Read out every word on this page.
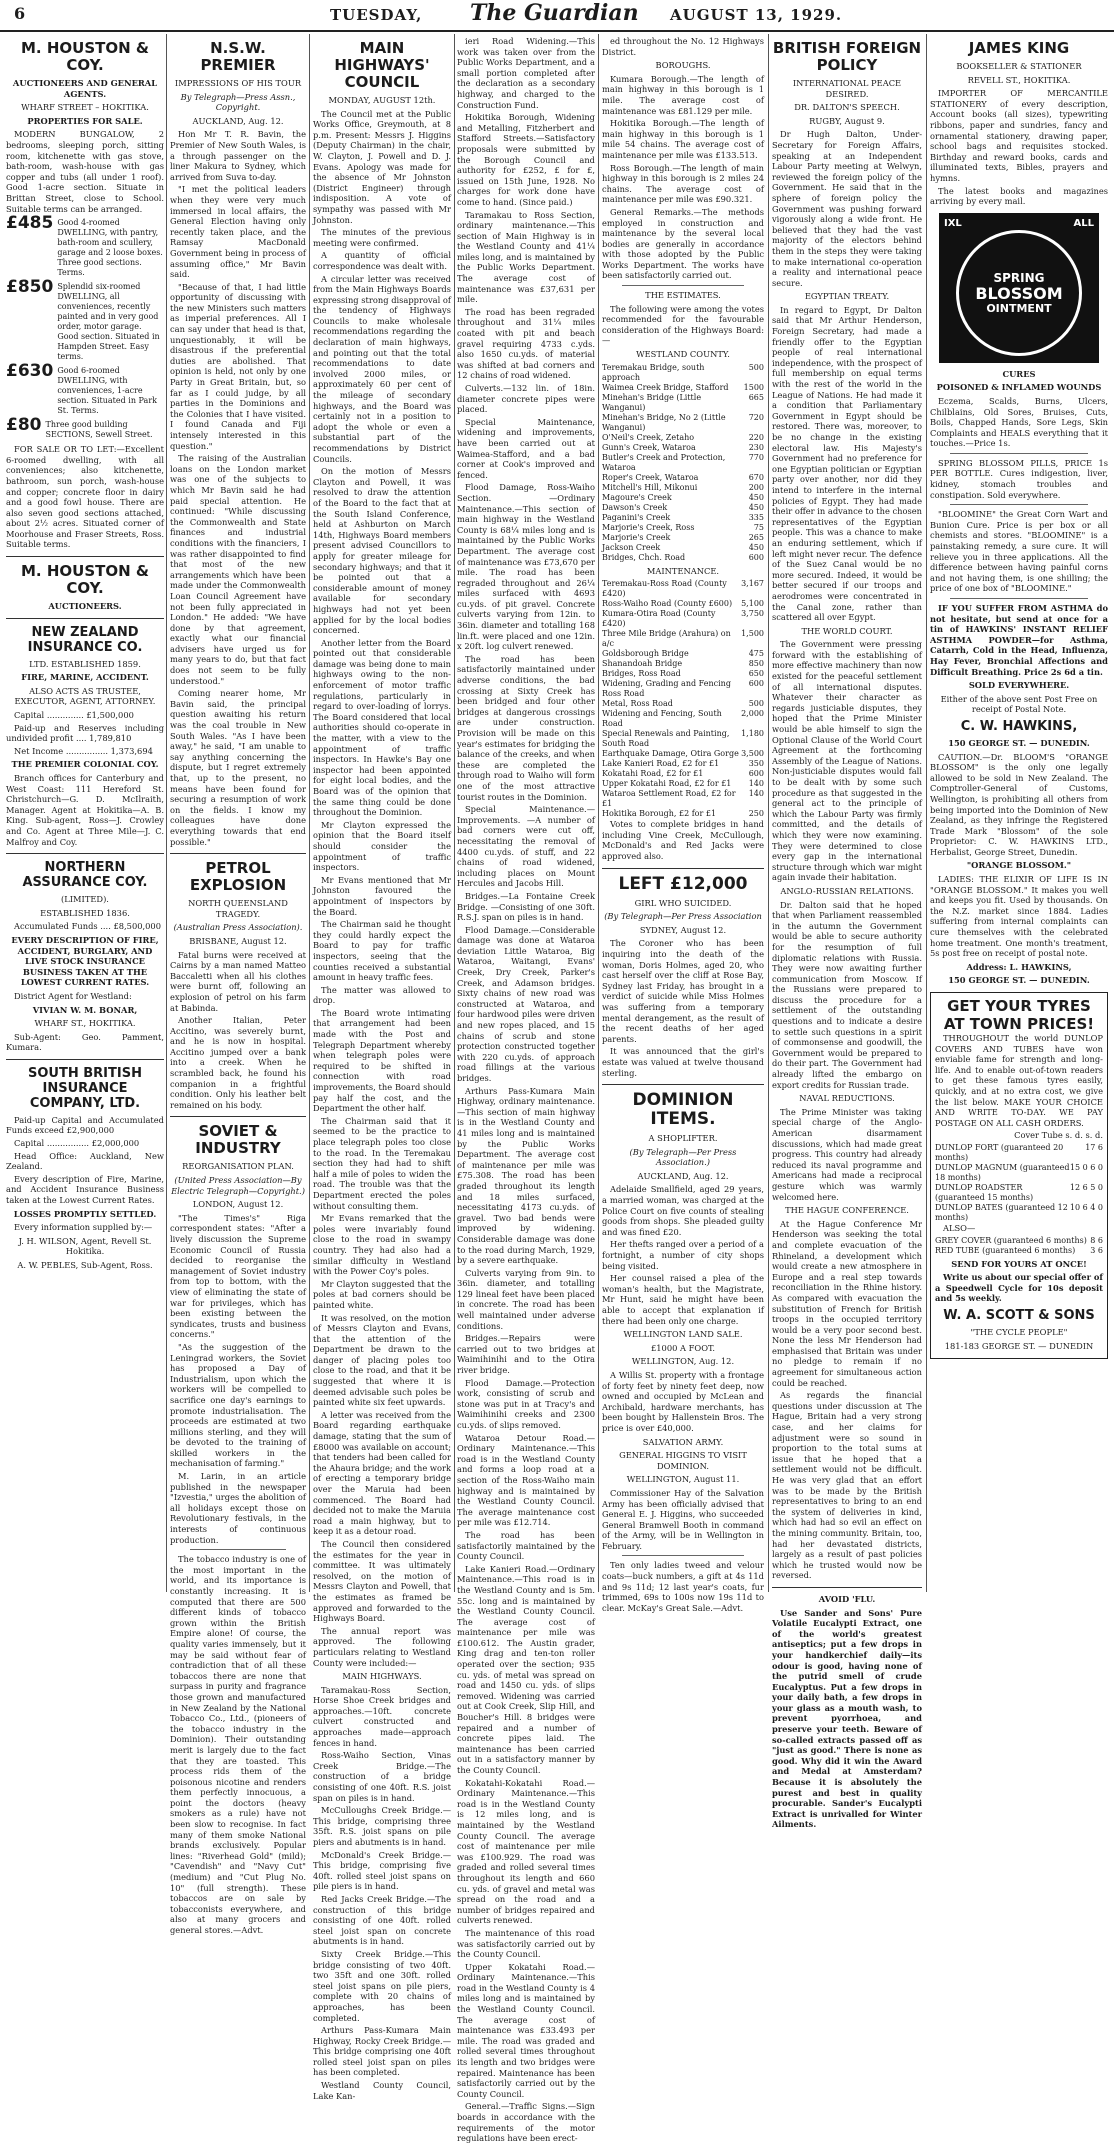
6	TUESDAY, The Guardian AUGUST 13, 1929.
M. HOUSTON & COY.

AUCTIONEERS AND GENERAL AGENTS.

WHARF STREET – HOKITIKA.

PROPERTIES FOR SALE.

MODERN BUNGALOW, 2 bedrooms, sleeping porch, sitting room, kitchenette with gas stove, bath-room, wash-house with gas copper and tubs (all under 1 roof). Good 1-acre section. Situate in Brittan Street, close to School. Suitable terms can be arranged.

£485 Good 4-roomed DWELLING, with pantry, bath-room and scullery, garage and 2 loose boxes. Three good sections. Terms.
£850 Splendid six-roomed DWELLING, all conveniences, recently painted and in very good order, motor garage. Good section. Situated in Hampden Street. Easy terms.
£630 Good 6-roomed DWELLING, with conveniences, 1-acre section. Situated in Park St. Terms.
£80 Three good building SECTIONS, Sewell Street.

FOR SALE OR TO LET:—Excellent 6-roomed dwelling, with all conveniences; also kitchenette, bathroom, sun porch, wash-house and copper; concrete floor in dairy and a good fowl house. There are also seven good sections attached, about 2½ acres. Situated corner of Moorhouse and Fraser Streets, Ross. Suitable terms.

M. HOUSTON & COY.

AUCTIONEERS.

NEW ZEALAND INSURANCE CO.

LTD. ESTABLISHED 1859.

FIRE, MARINE, ACCIDENT.

ALSO ACTS AS TRUSTEE, EXECUTOR, AGENT, ATTORNEY.

Capital .............. £1,500,000

Paid-up and Reserves including undivided profit .... 1,789,810

Net Income ................ 1,373,694

THE PREMIER COLONIAL COY.

Branch offices for Canterbury and West Coast: 111 Hereford St. Christchurch—G. D. McIlraith, Manager. Agent at Hokitika—A. B. King. Sub-agent, Ross—J. Crowley and Co. Agent at Three Mile—J. C. Malfroy and Coy.

NORTHERN ASSURANCE COY.

(LIMITED).

ESTABLISHED 1836.

Accumulated Funds .... £8,500,000

EVERY DESCRIPTION OF FIRE, ACCIDENT, BURGLARY, AND LIVE STOCK INSURANCE BUSINESS TAKEN AT THE LOWEST CURRENT RATES.

District Agent for Westland:

VIVIAN W. M. BONAR,

WHARF ST., HOKITIKA.

Sub-Agent: Geo. Pamment, Kumara.

SOUTH BRITISH INSURANCE COMPANY, LTD.

Paid-up Capital and Accumulated Funds exceed £2,900,000

Capital ................ £2,000,000

Head Office: Auckland, New Zealand.

Every description of Fire, Marine, and Accident Insurance Business taken at the Lowest Current Rates.

LOSSES PROMPTLY SETTLED.

Every information supplied by:—

J. H. WILSON, Agent, Revell St. Hokitika.

A. W. PEBLES, Sub-Agent, Ross.

N.S.W. PREMIER

IMPRESSIONS OF HIS TOUR

By Telegraph—Press Assn., Copyright.

AUCKLAND, Aug. 12.

Hon Mr T. R. Bavin, the Premier of New South Wales, is a through passenger on the liner Makura to Sydney, which arrived from Suva to-day.

"I met the political leaders when they were very much immersed in local affairs, the General Election having only recently taken place, and the Ramsay MacDonald Government being in process of assuming office," Mr Bavin said.

"Because of that, I had little opportunity of discussing with the new Ministers such matters as imperial preferences. All I can say under that head is that, unquestionably, it will be disastrous if the preferential duties are abolished. That opinion is held, not only by one Party in Great Britain, but, so far as I could judge, by all parties in the Dominions and the Colonies that I have visited. I found Canada and Fiji intensely interested in this question."

The raising of the Australian loans on the London market was one of the subjects to which Mr Bavin said he had paid special attention. He continued: "While discussing the Commonwealth and State finances and industrial conditions with the financiers, I was rather disappointed to find that most of the new arrangements which have been made under the Commonwealth Loan Council Agreement have not been fully appreciated in London." He added: "We have done by that agreement, exactly what our financial advisers have urged us for many years to do, but that fact does not seem to be fully understood."

Coming nearer home, Mr Bavin said, the principal question awaiting his return was the coal trouble in New South Wales. "As I have been away," he said, "I am unable to say anything concerning the dispute, but I regret extremely that, up to the present, no means have been found for securing a resumption of work on the fields. I know my colleagues have done everything towards that end possible."

PETROL EXPLOSION

NORTH QUEENSLAND TRAGEDY.

(Australian Press Association).

BRISBANE, August 12.

Fatal burns were received at Cairns by a man named Matteo Baccaletti when all his clothes were burnt off, following an explosion of petrol on his farm at Babinda.

Another Italian, Peter Accitino, was severely burnt, and he is now in hospital. Accitino jumped over a bank into a creek. When he scrambled back, he found his companion in a frightful condition. Only his leather belt remained on his body.

SOVIET & INDUSTRY

REORGANISATION PLAN.

(United Press Association—By Electric Telegraph—Copyright.)

LONDON, August 12.

"The Times's" Riga correspondent states: "After a lively discussion the Supreme Economic Council of Russia decided to reorganise the management of Soviet industry from top to bottom, with the view of eliminating the state of war for privileges, which has been existing between the syndicates, trusts and business concerns."

"As the suggestion of the Leningrad workers, the Soviet has proposed a Day of Industrialism, upon which the workers will be compelled to sacrifice one day's earnings to promote industrialisation. The proceeds are estimated at two millions sterling, and they will be devoted to the training of skilled workers in the mechanisation of farming."

M. Larin, in an article published in the newspaper "Izvestia," urges the abolition of all holidays except those on Revolutionary festivals, in the interests of continuous production.

The tobacco industry is one of the most important in the world, and its importance is constantly increasing. It is computed that there are 500 different kinds of tobacco grown within the British Empire alone! Of course, the quality varies immensely, but it may be said without fear of contradiction that of all these tobaccos there are none that surpass in purity and fragrance those grown and manufactured in New Zealand by the National Tobacco Co., Ltd., (pioneers of the tobacco industry in the Dominion). Their outstanding merit is largely due to the fact that they are toasted. This process rids them of the poisonous nicotine and renders them perfectly innocuous, a point the doctors (heavy smokers as a rule) have not been slow to recognise. In fact many of them smoke National brands exclusively. Popular lines: "Riverhead Gold" (mild); "Cavendish" and "Navy Cut" (medium) and "Cut Plug No. 10" (full strength). These tobaccos are on sale by tobacconists everywhere, and also at many grocers and general stores.—Advt.

MAIN HIGHWAYS' COUNCIL

MONDAY, AUGUST 12th.

The Council met at the Public Works Office, Greymouth, at 8 p.m. Present: Messrs J. Higgins (Deputy Chairman) in the chair, W. Clayton, J. Powell and D. J. Evans. Apology was made for the absence of Mr Johnston (District Engineer) through indisposition. A vote of sympathy was passed with Mr Johnston.

The minutes of the previous meeting were confirmed.

A quantity of official correspondence was dealt with.

A circular letter was received from the Main Highways Boards expressing strong disapproval of the tendency of Highways Councils to make wholesale recommendations regarding the declaration of main highways, and pointing out that the total recommendations to date involved 2000 miles, or approximately 60 per cent of the mileage of secondary highways, and the Board was certainly not in a position to adopt the whole or even a substantial part of the recommendations by District Councils.

On the motion of Messrs Clayton and Powell, it was resolved to draw the attention of the Board to the fact that at the South Island Conference, held at Ashburton on March 14th, Highways Board members present advised Councillors to apply for greater mileage for secondary highways; and that it be pointed out that a considerable amount of money available for secondary highways had not yet been applied for by the local bodies concerned.

Another letter from the Board pointed out that considerable damage was being done to main highways owing to the non-enforcement of motor traffic regulations, particularly in regard to over-loading of lorrys. The Board considered that local authorities should co-operate in the matter, with a view to the appointment of traffic inspectors. In Hawke's Bay one inspector had been appointed for eight local bodies, and the Board was of the opinion that the same thing could be done throughout the Dominion.

Mr Clayton expressed the opinion that the Board itself should consider the appointment of traffic inspectors.

Mr Evans mentioned that Mr Johnston favoured the appointment of inspectors by the Board.

The Chairman said he thought they could hardly expect the Board to pay for traffic inspectors, seeing that the counties received a substantial amount in heavy traffic fees.

The matter was allowed to drop.

The Board wrote intimating that arrangement had been made with the Post and Telegraph Department whereby when telegraph poles were required to be shifted in connection with road improvements, the Board should pay half the cost, and the Department the other half.

The Chairman said that it seemed to be the practice to place telegraph poles too close to the road. In the Teremakau section they had had to shift half a mile of poles to widen the road. The trouble was that the Department erected the poles without consulting them.

Mr Evans remarked that the poles were invariably found close to the road in swampy country. They had also had a similar difficulty in Westland with the Power Coy's poles.

Mr Clayton suggested that the poles at bad corners should be painted white.

It was resolved, on the motion of Messrs Clayton and Evans, that the attention of the Department be drawn to the danger of placing poles too close to the road, and that it be suggested that where it is deemed advisable such poles be painted white six feet upwards.

A letter was received from the Board regarding earthquake damage, stating that the sum of £8000 was available on account; that tenders had been called for the Ahaura bridge; and the work of erecting a temporary bridge over the Maruia had been commenced. The Board had decided not to make the Maruia road a main highway, but to keep it as a detour road.

The Council then considered the estimates for the year in committee. It was ultimately resolved, on the motion of Messrs Clayton and Powell, that the estimates as framed be approved and forwarded to the Highways Board.

The annual report was approved. The following particulars relating to Westland County were included:—

MAIN HIGHWAYS.

Taramakau-Ross Section, Horse Shoe Creek bridges and approaches.—10ft. concrete culvert constructed and approaches made—approach fences in hand.

Ross-Waiho Section, Vinas Creek Bridge.—The construction of a bridge consisting of one 40ft. R.S. joist span on piles is in hand.

McCulloughs Creek Bridge.—This bridge, comprising three 35ft. R.S. joist spans on pile piers and abutments is in hand.

McDonald's Creek Bridge.—This bridge, comprising five 40ft. rolled steel joist spans on pile piers is in hand.

Red Jacks Creek Bridge.—The construction of this bridge consisting of one 40ft. rolled steel joist span on concrete abutments is in hand.

Sixty Creek Bridge.—This bridge consisting of two 40ft. two 35ft and one 30ft. rolled steel joist spans on pile piers, complete with 20 chains of approaches, has been completed.

Arthurs Pass-Kumara Main Highway, Rocky Creek Bridge.—This bridge comprising one 40ft rolled steel joist span on piles has been completed.

Westland County Council, Lake Kan-

ieri Road Widening.—This work was taken over from the Public Works Department, and a small portion completed after the declaration as a secondary highway, and charged to the Construction Fund.

Hokitika Borough, Widening and Metalling, Fitzherbert and Stafford Streets.—Satisfactory proposals were submitted by the Borough Council and authority for £252, £ for £, issued on 15th June, 1928. No charges for work done have come to hand. (Since paid.)

Taramakau to Ross Section, ordinary maintenance.—This section of Main Highway is in the Westland County and 41¼ miles long, and is maintained by the Public Works Department. The average cost of maintenance was £37,631 per mile.

The road has been regraded throughout and 31¼ miles coated with pit and beach gravel requiring 4733 c.yds. also 1650 cu.yds. of material was shifted at bad corners and 12 chains of road widened.

Culverts.—132 lin. of 18in. diameter concrete pipes were placed.

Special Maintenance, widening and improvements, have been carried out at Waimea-Stafford, and a bad corner at Cook's improved and fenced.

Flood Damage, Ross-Waiho Section. —Ordinary Maintenance.—This section of main highway in the Westland County is 68¼ miles long and is maintained by the Public Works Department. The average cost of maintenance was £73,670 per mile. The road has been regraded throughout and 26¼ miles surfaced with 4693 cu.yds. of pit gravel. Concrete culverts varying from 12in. to 36in. diameter and totalling 168 lin.ft. were placed and one 12in. x 20ft. log culvert renewed.

The road has been satisfactorily maintained under adverse conditions, the bad crossing at Sixty Creek has been bridged and four other bridges at dangerous crossings are under construction. Provision will be made on this year's estimates for bridging the balance of the creeks, and when these are completed the through road to Waiho will form one of the most attractive tourist routes in the Dominion.

Special Maintenance.—Improvements. —A number of bad corners were cut off, necessitating the removal of 4400 cu.yds. of stuff, and 22 chains of road widened, including places on Mount Hercules and Jacobs Hill.

Bridges.—La Fontaine Creek Bridge. —Consisting of one 30ft. R.S.J. span on piles is in hand.

Flood Damage.—Considerable damage was done at Wataroa deviation Little Wataroa, Big Wataroa, Waitangi, Evans' Creek, Dry Creek, Parker's Creek, and Adamson bridges. Sixty chains of new road was constructed at Wataroa, and four hardwood piles were driven and new ropes placed, and 15 chains of scrub and stone protection constructed together with 220 cu.yds. of approach road fillings at the various bridges.

Arthurs Pass-Kumara Main Highway, ordinary maintenance.—This section of main highway is in the Westland County and 41 miles long and is maintained by the Public Works Department. The average cost of maintenance per mile was £75.308. The road has been graded throughout its length and 18 miles surfaced, necessitating 4173 cu.yds. of gravel. Two bad bends were improved by widening. Considerable damage was done to the road during March, 1929, by a severe earthquake.

Culverts varying from 9in. to 36in. diameter, and totalling 129 lineal feet have been placed in concrete. The road has been well maintained under adverse conditions.

Bridges.—Repairs were carried out to two bridges at Waimihinihi and to the Otira river bridge.

Flood Damage.—Protection work, consisting of scrub and stone was put in at Tracy's and Waimihinihi creeks and 2300 cu.yds. of slips removed.

Wataroa Detour Road.—Ordinary Maintenance.—This road is in the Westland County and forms a loop road at a section of the Ross-Waiho main highway and is maintained by the Westland County Council. The average maintenance cost per mile was £12.714.

The road has been satisfactorily maintained by the County Council.

Lake Kanieri Road.—Ordinary Maintenance.—This road is in the Westland County and is 5m. 55c. long and is maintained by the Westland County Council. The average cost of maintenance per mile was £100.612. The Austin grader, King drag and ten-ton roller operated over the section; 935 cu. yds. of metal was spread on road and 1450 cu. yds. of slips removed. Widening was carried out at Cook Creek, Slip Hill, and Boucher's Hill. 8 bridges were repaired and a number of concrete pipes laid. The maintenance has been carried out in a satisfactory manner by the County Council.

Kokatahi-Kokatahi Road.—Ordinary Maintenance.—This road is in the Westland County is 12 miles long, and is maintained by the Westland County Council. The average cost of maintenance per mile was £100.929. The road was graded and rolled several times throughout its length and 660 cu. yds. of gravel and metal was spread on the road and a number of bridges repaired and culverts renewed.

The maintenance of this road was satisfactorily carried out by the County Council.

Upper Kokatahi Road.—Ordinary Maintenance.—This road in the Westland County is 4 miles long and is maintained by the Westland County Council. The average cost of maintenance was £33.493 per mile. The road was graded and rolled several times throughout its length and two bridges were repaired. Maintenance has been satisfactorily carried out by the County Council.

General.—Traffic Signs.—Sign boards in accordance with the requirements of the motor regulations have been erect-

ed throughout the No. 12 Highways District.

BOROUGHS.

Kumara Borough.—The length of main highway in this borough is 1 mile. The average cost of maintenance was £81.129 per mile.

Hokitika Borough.—The length of main highway in this borough is 1 mile 54 chains. The average cost of maintenance per mile was £133.513.

Ross Borough.—The length of main highway in this borough is 2 miles 24 chains. The average cost of maintenance per mile was £90.321.

General Remarks.—The methods employed in construction and maintenance by the several local bodies are generally in accordance with those adopted by the Public Works Department. The works have been satisfactorily carried out.

THE ESTIMATES.

The following were among the votes recommended for the favourable consideration of the Highways Board:—

WESTLAND COUNTY.

Teremakau Bridge, south approach	500
Waimea Creek Bridge, Stafford	1500
Minehan's Bridge (Little Wanganui)	665
Minehan's Bridge, No 2 (Little Wanganui)	720
O'Neil's Creek, Zetaho	220
Gunn's Creek, Wataroa	230
Butler's Creek and Protection, Wataroa	770
Roper's Creek, Wataroa	670
Mitchell's Hill, Mikonui	200
Magoure's Creek	450
Dawson's Creek	450
Paganini's Creek	335
Marjorie's Creek, Ross	75
Marjorie's Creek	265
Jackson Creek	450
Bridges, Chch. Road	600

MAINTENANCE.

Teremakau-Ross Road (County £420)	3,167
Ross-Waiho Road (County £600)	5,100
Kumara-Otira Road (County £420)	3,750
Three Mile Bridge (Arahura) on a/c	1,500
Goldsborough Bridge	475
Shanandoah Bridge	850
Bridges, Ross Road	650
Widening, Grading and Fencing Ross Road	600
Metal, Ross Road	500
Widening and Fencing, South Road	2,000
Special Renewals and Painting, South Road	1,180
Earthquake Damage, Otira Gorge	3,500
Lake Kanieri Road, £2 for £1	350
Kokatahi Road, £2 for £1	600
Upper Kokatahi Road, £2 for £1	140
Wataroa Settlement Road, £2 for £1	140
Hokitika Borough, £2 for £1	250

Votes to complete bridges in hand including Vine Creek, McCullough, McDonald's and Red Jacks were approved also.

LEFT £12,000

GIRL WHO SUICIDED.

(By Telegraph—Per Press Association

SYDNEY, August 12.

The Coroner who has been inquiring into the death of the woman, Doris Holmes, aged 20, who cast herself over the cliff at Rose Bay, Sydney last Friday, has brought in a verdict of suicide while Miss Holmes was suffering from a temporary mental derangement, as the result of the recent deaths of her aged parents.

It was announced that the girl's estate was valued at twelve thousand sterling.

DOMINION ITEMS.

A SHOPLIFTER.

(By Telegraph—Per Press Association.)

AUCKLAND, Aug. 12.

Adelaide Smallfield, aged 29 years, a married woman, was charged at the Police Court on five counts of stealing goods from shops. She pleaded guilty and was fined £20.

Her thefts ranged over a period of a fortnight, a number of city shops being visited.

Her counsel raised a plea of the woman's health, but the Magistrate, Mr Hunt, said he might have been able to accept that explanation if there had been only one charge.

WELLINGTON LAND SALE.

£1000 A FOOT.

WELLINGTON, Aug. 12.

A Willis St. property with a frontage of forty feet by ninety feet deep, now owned and occupied by McLean and Archibald, hardware merchants, has been bought by Hallenstein Bros. The price is over £40,000.

SALVATION ARMY.

GENERAL HIGGINS TO VISIT DOMINION.

WELLINGTON, August 11.

Commissioner Hay of the Salvation Army has been officially advised that General E. J. Higgins, who succeeded General Bramwell Booth in command of the Army, will be in Wellington in February.

Ten only ladies tweed and velour coats—buck numbers, a gift at 4s 11d and 9s 11d; 12 last year's coats, fur trimmed, 69s to 100s now 19s 11d to clear. McKay's Great Sale.—Advt.

BRITISH FOREIGN POLICY

INTERNATIONAL PEACE DESIRED.

DR. DALTON'S SPEECH.

RUGBY, August 9.

Dr Hugh Dalton, Under-Secretary for Foreign Affairs, speaking at an Independent Labour Party meeting at Welwyn, reviewed the foreign policy of the Government. He said that in the sphere of foreign policy the Government was pushing forward vigorously along a wide front. He believed that they had the vast majority of the electors behind them in the steps they were taking to make international co-operation a reality and international peace secure.

EGYPTIAN TREATY.

In regard to Egypt, Dr Dalton said that Mr Arthur Henderson, Foreign Secretary, had made a friendly offer to the Egyptian people of real international independence, with the prospect of full membership on equal terms with the rest of the world in the League of Nations. He had made it a condition that Parliamentary Government in Egypt should be restored. There was, moreover, to be no change in the existing electoral law. His Majesty's Government had no preference for one Egyptian politician or Egyptian party over another, nor did they intend to interfere in the internal policies of Egypt. They had made their offer in advance to the chosen representatives of the Egyptian people. This was a chance to make an enduring settlement, which if left might never recur. The defence of the Suez Canal would be no more secured. Indeed, it would be better secured if our troops and aerodromes were concentrated in the Canal zone, rather than scattered all over Egypt.

THE WORLD COURT.

The Government were pressing forward with the establishing of more effective machinery than now existed for the peaceful settlement of all international disputes. Whatever their character as regards justiciable disputes, they hoped that the Prime Minister would be able himself to sign the Optional Clause of the World Court Agreement at the forthcoming Assembly of the League of Nations. Non-justiciable disputes would fall to be dealt with by some such procedure as that suggested in the general act to the principle of which the Labour Party was firmly committed, and the details of which they were now examining. They were determined to close every gap in the international structure through which war might again invade their habitation.

ANGLO-RUSSIAN RELATIONS.

Dr. Dalton said that he hoped that when Parliament reassembled in the autumn the Government would be able to secure authority for the resumption of full diplomatic relations with Russia. They were now awaiting further communication from Moscow. If the Russians were prepared to discuss the procedure for a settlement of the outstanding questions and to indicate a desire to settle such questions in a spirit of commonsense and goodwill, the Government would be prepared to do their part. The Government had already lifted the embargo on export credits for Russian trade.

NAVAL REDUCTIONS.

The Prime Minister was taking special charge of the Anglo-American disarmament discussions, which had made great progress. This country had already reduced its naval programme and Americans had made a reciprocal gesture which was warmly welcomed here.

THE HAGUE CONFERENCE.

At the Hague Conference Mr Henderson was seeking the total and complete evacuation of the Rhineland, a development which would create a new atmosphere in Europe and a real step towards reconciliation in the Rhine history. As compared with evacuation the substitution of French for British troops in the occupied territory would be a very poor second best. None the less Mr Henderson had emphasised that Britain was under no pledge to remain if no agreement for simultaneous action could be reached.

As regards the financial questions under discussion at The Hague, Britain had a very strong case, and her claims for adjustment were so sound in proportion to the total sums at issue that he hoped that a settlement would not be difficult. He was very glad that an effort was to be made by the British representatives to bring to an end the system of deliveries in kind, which had had so evil an effect on the mining community. Britain, too, had her devastated districts, largely as a result of past policies which he trusted would now be reversed.

AVOID 'FLU.

Use Sander and Sons' Pure Volatile Eucalypti Extract, one of the world's greatest antiseptics; put a few drops in your handkerchief daily—its odour is good, having none of the putrid smell of crude Eucalyptus. Put a few drops in your daily bath, a few drops in your glass as a mouth wash, to prevent pyorrhoea, and preserve your teeth. Beware of so-called extracts passed off as "just as good." There is none as good. Why did it win the Award and Medal at Amsterdam? Because it is absolutely the purest and best in quality procurable. Sander's Eucalypti Extract is unrivalled for Winter Ailments.

JAMES KING

BOOKSELLER & STATIONER

REVELL ST., HOKITIKA.

IMPORTER OF MERCANTILE STATIONERY of every description, Account books (all sizes), typewriting ribbons, paper and sundries, fancy and ornamental stationery, drawing paper, school bags and requisites stocked. Birthday and reward books, cards and illuminated texts, Bibles, prayers and hymns.

The latest books and magazines arriving by every mail.

IXL	ALL
SPRING
BLOSSOM
OINTMENT

CURES

POISONED & INFLAMED WOUNDS

Eczema, Scalds, Burns, Ulcers, Chilblains, Old Sores, Bruises, Cuts, Boils, Chapped Hands, Sore Legs, Skin Complaints and HEALS everything that it touches.—Price 1s.

SPRING BLOSSOM PILLS, PRICE 1s PER BOTTLE. Cures indigestion, liver, kidney, stomach troubles and constipation. Sold everywhere.

"BLOOMINE" the Great Corn Wart and Bunion Cure. Price is per box or all chemists and stores. "BLOOMINE" is a painstaking remedy, a sure cure. It will relieve you in three applications. All the difference between having painful corns and not having them, is one shilling; the price of one box of "BLOOMINE."

IF YOU SUFFER FROM ASTHMA do not hesitate, but send at once for a tin of HAWKINS' INSTANT RELIEF ASTHMA POWDER—for Asthma, Catarrh, Cold in the Head, Influenza, Hay Fever, Bronchial Affections and Difficult Breathing. Price 2s 6d a tin.

SOLD EVERYWHERE.

Either of the above sent Post Free on receipt of Postal Note.

C. W. HAWKINS,

150 GEORGE ST. — DUNEDIN.

CAUTION.—Dr. BLOOM'S "ORANGE BLOSSOM" is the only one legally allowed to be sold in New Zealand. The Comptroller-General of Customs, Wellington, is prohibiting all others from being imported into the Dominion of New Zealand, as they infringe the Registered Trade Mark "Blossom" of the sole Proprietor: C. W. HAWKINS LTD., Herbalist, George Street, Dunedin.

"ORANGE BLOSSOM."

LADIES: THE ELIXIR OF LIFE IS IN "ORANGE BLOSSOM." It makes you well and keeps you fit. Used by thousands. On the N.Z. market since 1884. Ladies suffering from internal complaints can cure themselves with the celebrated home treatment. One month's treatment, 5s post free on receipt of postal note.

Address: L. HAWKINS,

150 GEORGE ST. — DUNEDIN.

GET YOUR TYRES AT TOWN PRICES!

THROUGHOUT the world DUNLOP COVERS AND TUBES have won enviable fame for strength and long-life. And to enable out-of-town readers to get these famous tyres easily, quickly, and at no extra cost, we give the list below. MAKE YOUR CHOICE AND WRITE TO-DAY. WE PAY POSTAGE ON ALL CASH ORDERS.

Cover Tube s. d. s. d.

DUNLOP FORT (guaranteed 20 months)	17 6
DUNLOP MAGNUM (guaranteed 18 months)	15 0 6 0
DUNLOP ROADSTER (guaranteed 15 months)	12 6 5 0
DUNLOP BATES (guaranteed 12 months)	10 6 4 0

ALSO—

GREY COVER (guaranteed 6 months)	8 6
RED TUBE (guaranteed 6 months)	3 6

SEND FOR YOURS AT ONCE!

Write us about our special offer of a Speedwell Cycle for 10s deposit and 5s weekly.

W. A. SCOTT & SONS

"THE CYCLE PEOPLE"

181-183 GEORGE ST. — DUNEDIN
